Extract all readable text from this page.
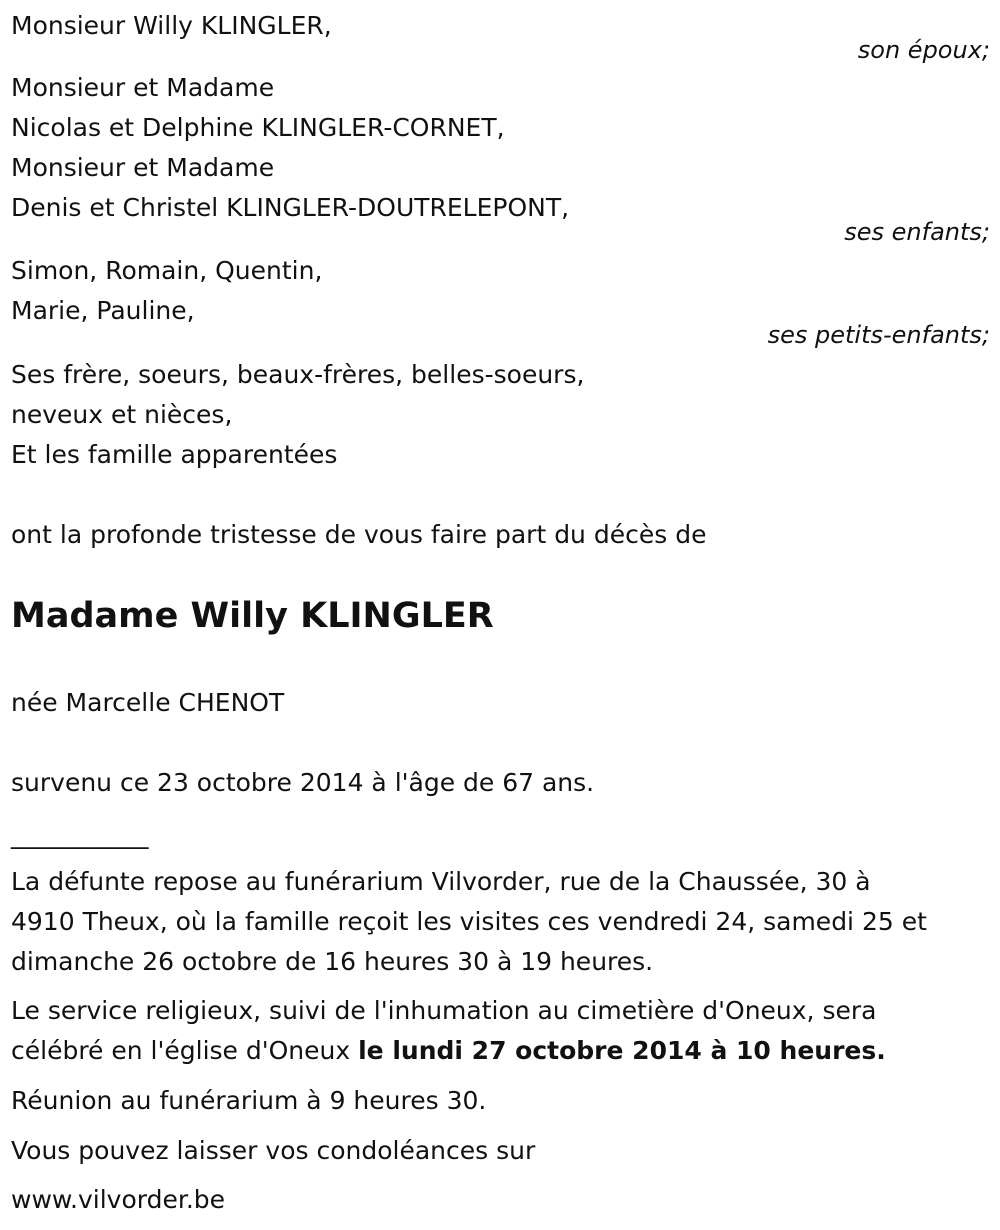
Monsieur Willy KLINGLER,
son époux;
Monsieur et Madame
Nicolas et Delphine KLINGLER-CORNET,
Monsieur et Madame
Denis et Christel KLINGLER-DOUTRELEPONT,
ses enfants;
Simon, Romain, Quentin,
Marie, Pauline,
ses petits-enfants;
Ses frère, soeurs, beaux-frères, belles-soeurs,
neveux et nièces,
Et les famille apparentées
ont la profonde tristesse de vous faire part du décès de
Madame Willy KLINGLER
née Marcelle CHENOT
survenu ce 23 octobre 2014 à l'âge de 67 ans.
___________
La défunte repose au funérarium Vilvorder, rue de la Chaussée, 30 à
4910 Theux, où la famille reçoit les visites ces vendredi 24, samedi 25 et
dimanche 26 octobre de 16 heures 30 à 19 heures.
Le service religieux, suivi de l'inhumation au cimetière d'Oneux, sera
célébré en l'église d'Oneux le lundi 27 octobre 2014 à 10 heures.
Réunion au funérarium à 9 heures 30.
Vous pouvez laisser vos condoléances sur
www.vilvorder.be
